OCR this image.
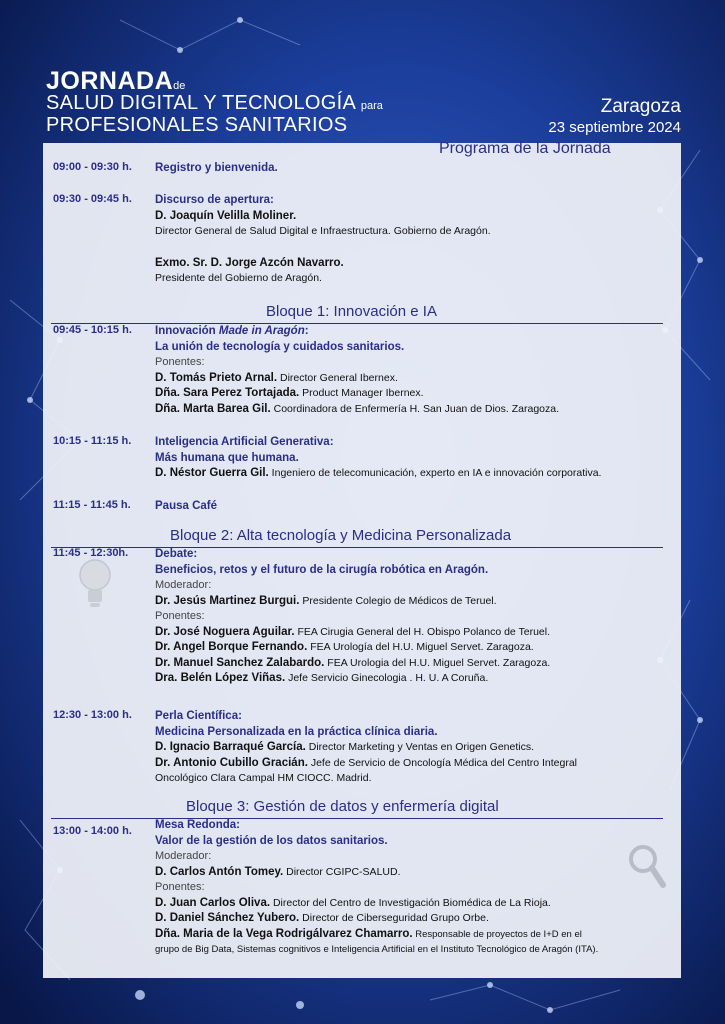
JORNADAde
SALUD DIGITAL Y TECNOLOGÍA para
PROFESIONALES SANITARIOS
Zaragoza
23 septiembre 2024
Programa de la Jornada
09:00 - 09:30 h. Registro y bienvenida.
09:30 - 09:45 h. Discurso de apertura:
D. Joaquín Velilla Moliner.
Director General de Salud Digital e Infraestructura. Gobierno de Aragón.
Exmo. Sr. D. Jorge Azcón Navarro.
Presidente del Gobierno de Aragón.
Bloque 1: Innovación e IA
09:45 - 10:15 h. Innovación Made in Aragón:
La unión de tecnología y cuidados sanitarios.
Ponentes:
D. Tomás Prieto Arnal. Director General Ibernex.
Dña. Sara Perez Tortajada. Product Manager Ibernex.
Dña. Marta Barea Gil. Coordinadora de Enfermería H. San Juan de Dios. Zaragoza.
10:15 - 11:15 h. Inteligencia Artificial Generativa:
Más humana que humana.
D. Néstor Guerra Gil. Ingeniero de telecomunicación, experto en IA e innovación corporativa.
11:15 - 11:45 h. Pausa Café
Bloque 2: Alta tecnología y Medicina Personalizada
11:45 - 12:30h. Debate:
Beneficios, retos y el futuro de la cirugía robótica en Aragón.
Moderador:
Dr. Jesús Martinez Burgui. Presidente Colegio de Médicos de Teruel.
Ponentes:
Dr. José Noguera Aguilar. FEA Cirugia General del H. Obispo Polanco de Teruel.
Dr. Angel Borque Fernando. FEA Urología del H.U. Miguel Servet. Zaragoza.
Dr. Manuel Sanchez Zalabardo. FEA Urologia del H.U. Miguel Servet. Zaragoza.
Dra. Belén López Viñas. Jefe Servicio Ginecologia . H. U. A Coruña.
12:30 - 13:00 h. Perla Científica:
Medicina Personalizada en la práctica clínica diaria.
D. Ignacio Barraqué García. Director Marketing y Ventas en Origen Genetics.
Dr. Antonio Cubillo Gracián. Jefe de Servicio de Oncología Médica del Centro Integral
Oncológico Clara Campal HM CIOCC. Madrid.
Bloque 3: Gestión de datos y enfermería digital
13:00 - 14:00 h. Mesa Redonda:
Valor de la gestión de los datos sanitarios.
Moderador:
D. Carlos Antón Tomey. Director CGIPC-SALUD.
Ponentes:
D. Juan Carlos Oliva. Director del Centro de Investigación Biomédica de La Rioja.
D. Daniel Sánchez Yubero. Director de Ciberseguridad Grupo Orbe.
Dña. Maria de la Vega Rodrigálvarez Chamarro. Responsable de proyectos de I+D en el
grupo de Big Data, Sistemas cognitivos e Inteligencia Artificial en el Instituto Tecnológico de Aragón (ITA).
